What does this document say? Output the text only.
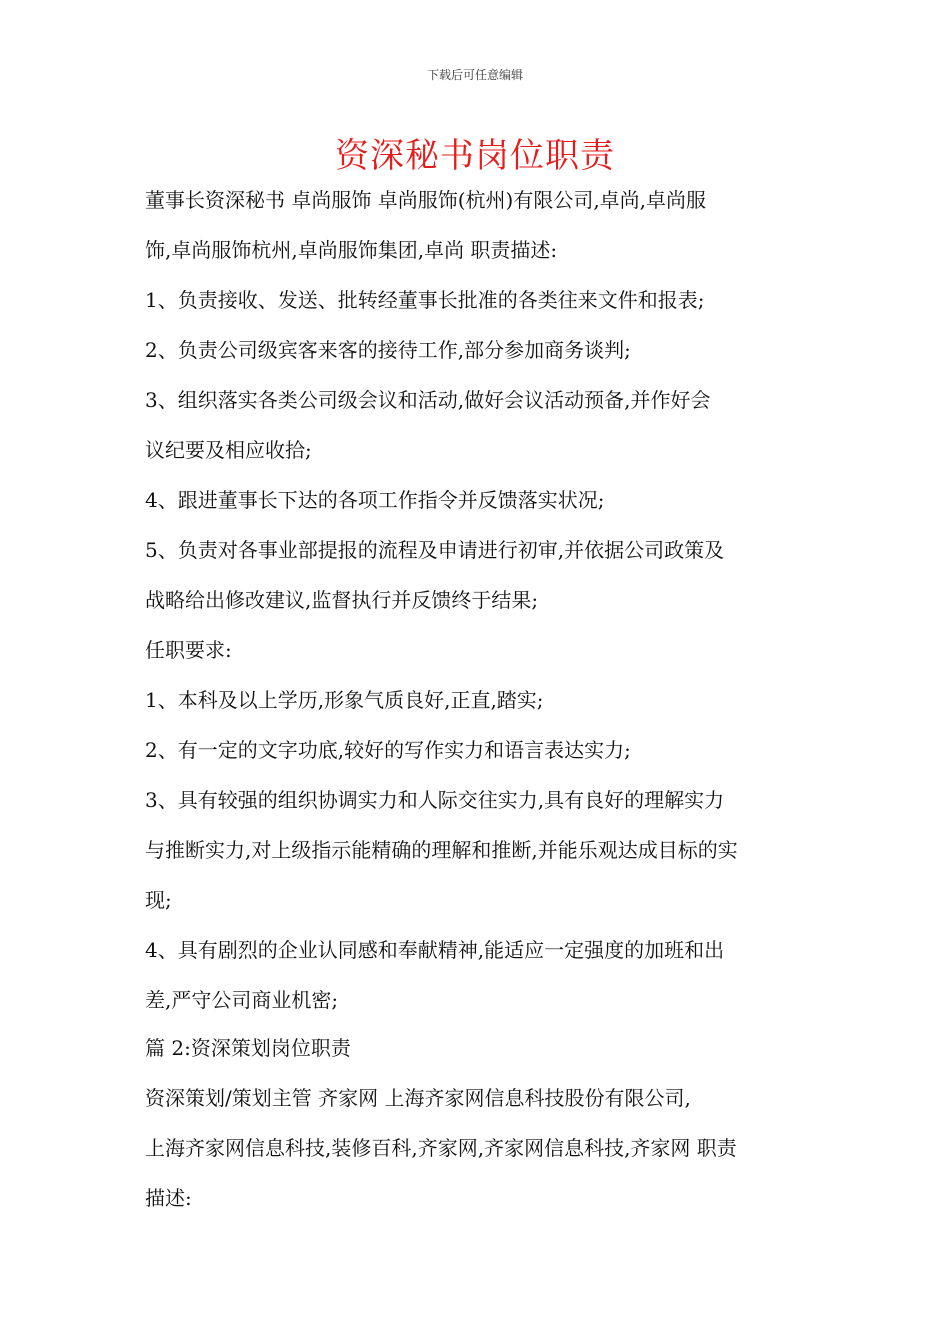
下载后可任意编辑
资深秘书岗位职责
董事长资深秘书 卓尚服饰 卓尚服饰(杭州)有限公司,卓尚,卓尚服
饰,卓尚服饰杭州,卓尚服饰集团,卓尚 职责描述:
1、负责接收、发送、批转经董事长批准的各类往来文件和报表;
2、负责公司级宾客来客的接待工作,部分参加商务谈判;
3、组织落实各类公司级会议和活动,做好会议活动预备,并作好会
议纪要及相应收拾;
4、跟进董事长下达的各项工作指令并反馈落实状况;
5、负责对各事业部提报的流程及申请进行初审,并依据公司政策及
战略给出修改建议,监督执行并反馈终于结果;
任职要求:
1、本科及以上学历,形象气质良好,正直,踏实;
2、有一定的文字功底,较好的写作实力和语言表达实力;
3、具有较强的组织协调实力和人际交往实力,具有良好的理解实力
与推断实力,对上级指示能精确的理解和推断,并能乐观达成目标的实
现;
4、具有剧烈的企业认同感和奉献精神,能适应一定强度的加班和出
差,严守公司商业机密;
篇 2:资深策划岗位职责
资深策划/策划主管 齐家网 上海齐家网信息科技股份有限公司,
上海齐家网信息科技,装修百科,齐家网,齐家网信息科技,齐家网 职责
描述:
